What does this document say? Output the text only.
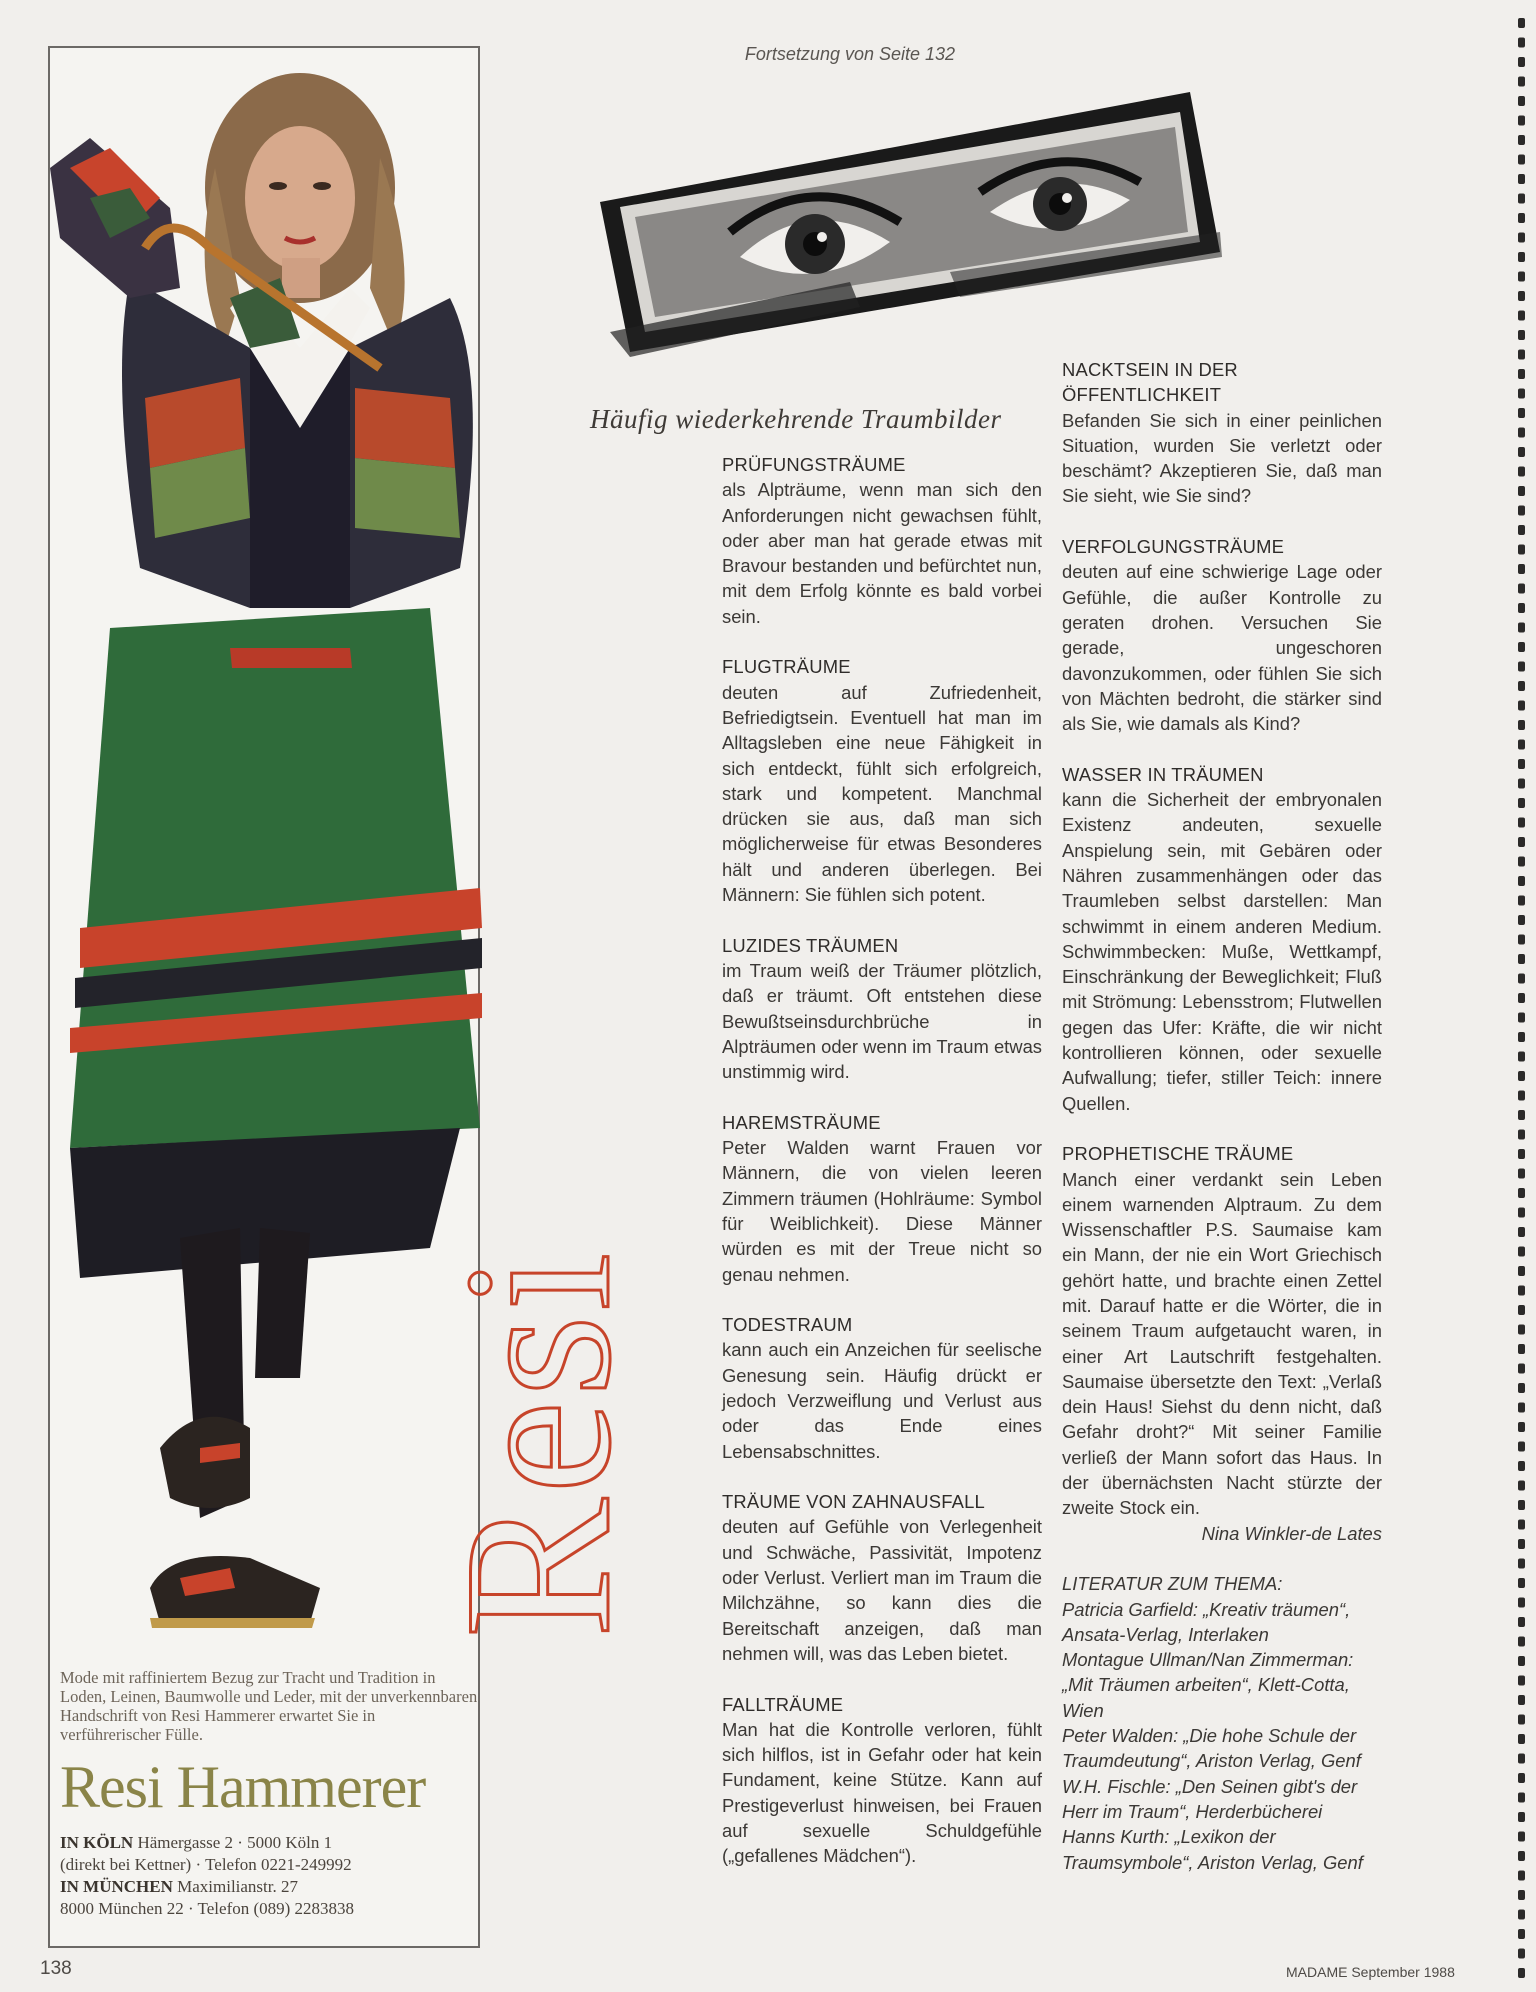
Resi
Mode mit raffiniertem Bezug zur Tracht und Tradition in Loden, Leinen, Baumwolle und Leder, mit der unverkennbaren Handschrift von Resi Hammerer erwartet Sie in verführerischer Fülle.
Resi Hammerer
IN KÖLN Hämergasse 2 · 5000 Köln 1
(direkt bei Kettner) · Telefon 0221-249992
IN MÜNCHEN Maximilianstr. 27
8000 München 22 · Telefon (089) 2283838
Fortsetzung von Seite 132
Häufig wiederkehrende Traumbilder
PRÜFUNGSTRÄUME
als Alpträume, wenn man sich den Anforderungen nicht gewachsen fühlt, oder aber man hat gerade etwas mit Bravour bestanden und befürchtet nun, mit dem Erfolg könnte es bald vorbei sein.
FLUGTRÄUME
deuten auf Zufriedenheit, Befriedigtsein. Eventuell hat man im Alltagsleben eine neue Fähigkeit in sich entdeckt, fühlt sich erfolgreich, stark und kompetent. Manchmal drücken sie aus, daß man sich möglicherweise für etwas Besonderes hält und anderen überlegen. Bei Männern: Sie fühlen sich potent.
LUZIDES TRÄUMEN
im Traum weiß der Träumer plötzlich, daß er träumt. Oft entstehen diese Bewußtseinsdurchbrüche in Alpträumen oder wenn im Traum etwas unstimmig wird.
HAREMSTRÄUME
Peter Walden warnt Frauen vor Männern, die von vielen leeren Zimmern träumen (Hohlräume: Symbol für Weiblichkeit). Diese Männer würden es mit der Treue nicht so genau nehmen.
TODESTRAUM
kann auch ein Anzeichen für seelische Genesung sein. Häufig drückt er jedoch Verzweiflung und Verlust aus oder das Ende eines Lebensabschnittes.
TRÄUME VON ZAHNAUSFALL
deuten auf Gefühle von Verlegenheit und Schwäche, Passivität, Impotenz oder Verlust. Verliert man im Traum die Milchzähne, so kann dies die Bereitschaft anzeigen, daß man nehmen will, was das Leben bietet.
FALLTRÄUME
Man hat die Kontrolle verloren, fühlt sich hilflos, ist in Gefahr oder hat kein Fundament, keine Stütze. Kann auf Prestigeverlust hinweisen, bei Frauen auf sexuelle Schuldgefühle („gefallenes Mädchen“).
NACKTSEIN IN DER ÖFFENTLICHKEIT
Befanden Sie sich in einer peinlichen Situation, wurden Sie verletzt oder beschämt? Akzeptieren Sie, daß man Sie sieht, wie Sie sind?
VERFOLGUNGSTRÄUME
deuten auf eine schwierige Lage oder Gefühle, die außer Kontrolle zu geraten drohen. Versuchen Sie gerade, ungeschoren davonzukommen, oder fühlen Sie sich von Mächten bedroht, die stärker sind als Sie, wie damals als Kind?
WASSER IN TRÄUMEN
kann die Sicherheit der embryonalen Existenz andeuten, sexuelle Anspielung sein, mit Gebären oder Nähren zusammenhängen oder das Traumleben selbst darstellen: Man schwimmt in einem anderen Medium. Schwimmbecken: Muße, Wettkampf, Einschränkung der Beweglichkeit; Fluß mit Strömung: Lebensstrom; Flutwellen gegen das Ufer: Kräfte, die wir nicht kontrollieren können, oder sexuelle Aufwallung; tiefer, stiller Teich: innere Quellen.
PROPHETISCHE TRÄUME
Manch einer verdankt sein Leben einem warnenden Alptraum. Zu dem Wissenschaftler P.S. Saumaise kam ein Mann, der nie ein Wort Griechisch gehört hatte, und brachte einen Zettel mit. Darauf hatte er die Wörter, die in seinem Traum aufgetaucht waren, in einer Art Lautschrift festgehalten. Saumaise übersetzte den Text: „Verlaß dein Haus! Siehst du denn nicht, daß Gefahr droht?“ Mit seiner Familie verließ der Mann sofort das Haus. In der übernächsten Nacht stürzte der zweite Stock ein.
Nina Winkler-de Lates
LITERATUR ZUM THEMA:
Patricia Garfield: „Kreativ träumen“, Ansata-Verlag, Interlaken
Montague Ullman/Nan Zimmerman: „Mit Träumen arbeiten“, Klett-Cotta, Wien
Peter Walden: „Die hohe Schule der Traumdeutung“, Ariston Verlag, Genf
W.H. Fischle: „Den Seinen gibt's der Herr im Traum“, Herderbücherei
Hanns Kurth: „Lexikon der Traumsymbole“, Ariston Verlag, Genf
138	MADAME September 1988
